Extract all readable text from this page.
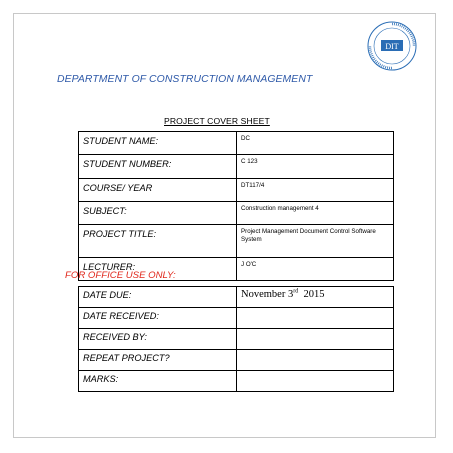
DIT
DEPARTMENT OF CONSTRUCTION MANAGEMENT
PROJECT COVER SHEET
STUDENT NAME:	DC
STUDENT NUMBER:	C 123
COURSE/ YEAR	DT117/4
SUBJECT:	Construction management 4
PROJECT TITLE:	Project Management Document Control Software System
LECTURER:	J O'C
FOR OFFICE USE ONLY:
DATE DUE:	November 3rd 2015
DATE RECEIVED:	
RECEIVED BY:	
REPEAT PROJECT?	
MARKS:	
